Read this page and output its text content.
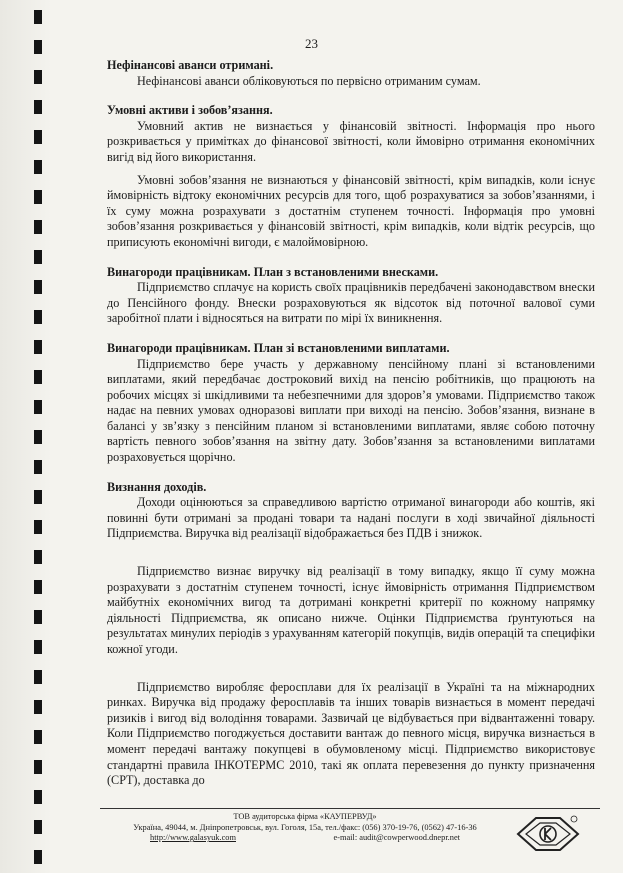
23
Нефінансові аванси отримані.

Нефінансові аванси обліковуються по первісно отриманим сумам.

Умовні активи і зобов’язання.

Умовний актив не визнається у фінансовій звітності. Інформація про нього розкривається у примітках до фінансової звітності, коли ймовірно отримання економічних вигід від його використання.

Умовні зобов’язання не визнаються у фінансовій звітності, крім випадків, коли існує ймовірність відтоку економічних ресурсів для того, щоб розрахуватися за зобов’язаннями, і їх суму можна розрахувати з достатнім ступенем точності. Інформація про умовні зобов’язання розкривається у фінансовій звітності, крім випадків, коли відтік ресурсів, що приписують економічні вигоди, є малоймовірною.

Винагороди працівникам. План з встановленими внесками.

Підприємство сплачує на користь своїх працівників передбачені законодавством внески до Пенсійного фонду. Внески розраховуються як відсоток від поточної валової суми заробітної плати і відносяться на витрати по мірі їх виникнення.

Винагороди працівникам. План зі встановленими виплатами.

Підприємство бере участь у державному пенсійному плані зі встановленими виплатами, який передбачає достроковий вихід на пенсію робітників, що працюють на робочих місцях зі шкідливими та небезпечними для здоров’я умовами. Підприємство також надає на певних умовах одноразові виплати при виході на пенсію. Зобов’язання, визнане в балансі у зв’язку з пенсійним планом зі встановленими виплатами, являє собою поточну вартість певного зобов’язання на звітну дату. Зобов’язання за встановленими виплатами розраховується щорічно.

Визнання доходів.

Доходи оцінюються за справедливою вартістю отриманої винагороди або коштів, які повинні бути отримані за продані товари та надані послуги в ході звичайної діяльності Підприємства. Виручка від реалізації відображається без ПДВ і знижок.

Підприємство визнає виручку від реалізації в тому випадку, якщо її суму можна розрахувати з достатнім ступенем точності, існує ймовірність отримання Підприємством майбутніх економічних вигод та дотримані конкретні критерії по кожному напрямку діяльності Підприємства, як описано нижче. Оцінки Підприємства ґрунтуються на результатах минулих періодів з урахуванням категорій покупців, видів операцій та специфіки кожної угоди.

Підприємство виробляє феросплави для їх реалізації в Україні та на міжнародних ринках. Виручка від продажу феросплавів та інших товарів визнається в момент передачі ризиків і вигод від володіння товарами. Зазвичай це відбувається при відвантаженні товару. Коли Підприємство погоджується доставити вантаж до певного місця, виручка визнається в момент передачі вантажу покупцеві в обумовленому місці. Підприємство використовує стандартні правила ІНКОТЕРМС 2010, такі як оплата перевезення до пункту призначення (CPT), доставка до

ТОВ аудиторська фірма «КАУПЕРВУД»
Україна, 49044, м. Дніпропетровськ, вул. Гоголя, 15а, тел./факс: (056) 370-19-76, (0562) 47-16-36
http://www.galasyuk.com	e-mail: audit@cowperwood.dnepr.net
